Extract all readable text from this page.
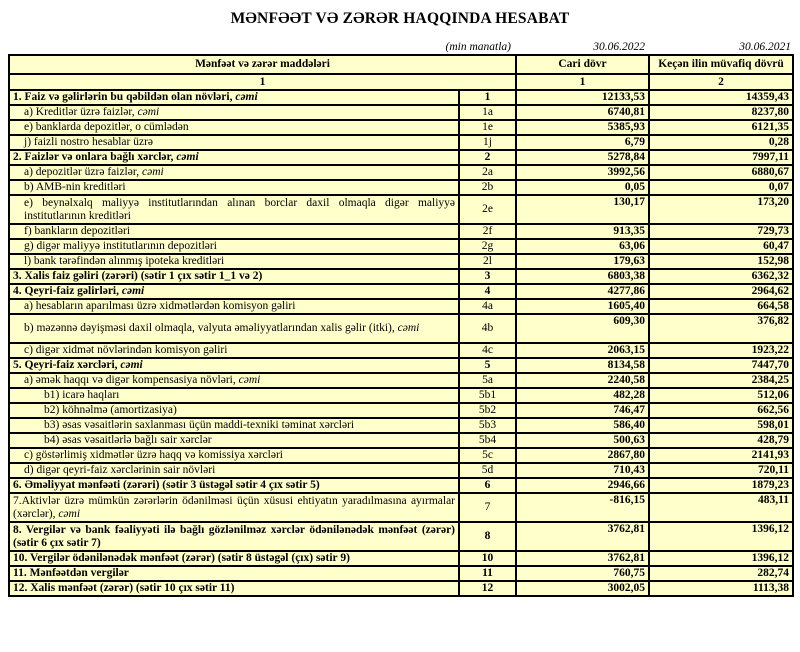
MƏNFƏƏT VƏ ZƏRƏR HAQQINDA HESABAT
(min manatla)	30.06.2022	30.06.2021
Mənfəət və zərər maddələri		Cari dövr	Keçən ilin müvafiq dövrü
1		1	2
1. Faiz və gəlirlərin bu qəbildən olan növləri, cəmi	1	12133,53	14359,43
a) Kreditlər üzrə faizlər, cəmi	1a	6740,81	8237,80
e) banklarda depozitlər, o cümlədən	1e	5385,93	6121,35
j) faizli nostro hesablar üzrə	1j	6,79	0,28
2. Faizlər və onlara bağlı xərclər, cəmi	2	5278,84	7997,11
a) depozitlər üzrə faizlər, cəmi	2a	3992,56	6880,67
b) AMB-nin kreditləri	2b	0,05	0,07
e) beynəlxalq maliyyə institutlarından alınan borclar daxil olmaqla digər maliyyə institutlarının kreditləri	2e	130,17	173,20
f) bankların depozitləri	2f	913,35	729,73
g) digər maliyyə institutlarının depozitləri	2g	63,06	60,47
l) bank tərəfindən alınmış ipoteka kreditləri	2l	179,63	152,98
3. Xalis faiz gəliri (zərəri) (sətir 1 çıx sətir 1_1 və 2)	3	6803,38	6362,32
4. Qeyri-faiz gəlirləri, cəmi	4	4277,86	2964,62
a) hesabların aparılması üzrə xidmətlərdən komisyon gəliri	4a	1605,40	664,58
b) məzənnə dəyişməsi daxil olmaqla, valyuta əməliyyatlarından xalis gəlir (itki), cəmi	4b	609,30	376,82
c) digər xidmət növlərindən komisyon gəliri	4c	2063,15	1923,22
5. Qeyri-faiz xərcləri, cəmi	5	8134,58	7447,70
a) əmək haqqı və digər kompensasiya növləri, cəmi	5a	2240,58	2384,25
b1) icarə haqları	5b1	482,28	512,06
b2) köhnəlmə (amortizasiya)	5b2	746,47	662,56
b3) əsas vəsaitlərin saxlanması üçün maddi-texniki təminat xərcləri	5b3	586,40	598,01
b4) əsas vəsaitlərlə bağlı sair xərclər	5b4	500,63	428,79
c) göstərlimiş xidmətlər üzrə haqq və komissiya xərcləri	5c	2867,80	2141,93
d) digər qeyri-faiz xərclərinin sair növləri	5d	710,43	720,11
6. Əməliyyat mənfəəti (zərəri) (sətir 3 üstəgəl sətir 4 çıx sətir 5)	6	2946,66	1879,23
7.Aktivlər üzrə mümkün zərərlərin ödənilməsi üçün xüsusi ehtiyatın yaradılmasına ayırmalar (xərclər), cəmi	7	-816,15	483,11
8. Vergilər və bank fəaliyyəti ilə bağlı gözlənilməz xərclər ödənilənədək mənfəət (zərər) (sətir 6 çıx sətir 7)	8	3762,81	1396,12
10. Vergilər ödənilənədək mənfəət (zərər) (sətir 8 üstəgəl (çıx) sətir 9)	10	3762,81	1396,12
11. Mənfəətdən vergilər	11	760,75	282,74
12. Xalis mənfəət (zərər) (sətir 10 çıx sətir 11)	12	3002,05	1113,38
